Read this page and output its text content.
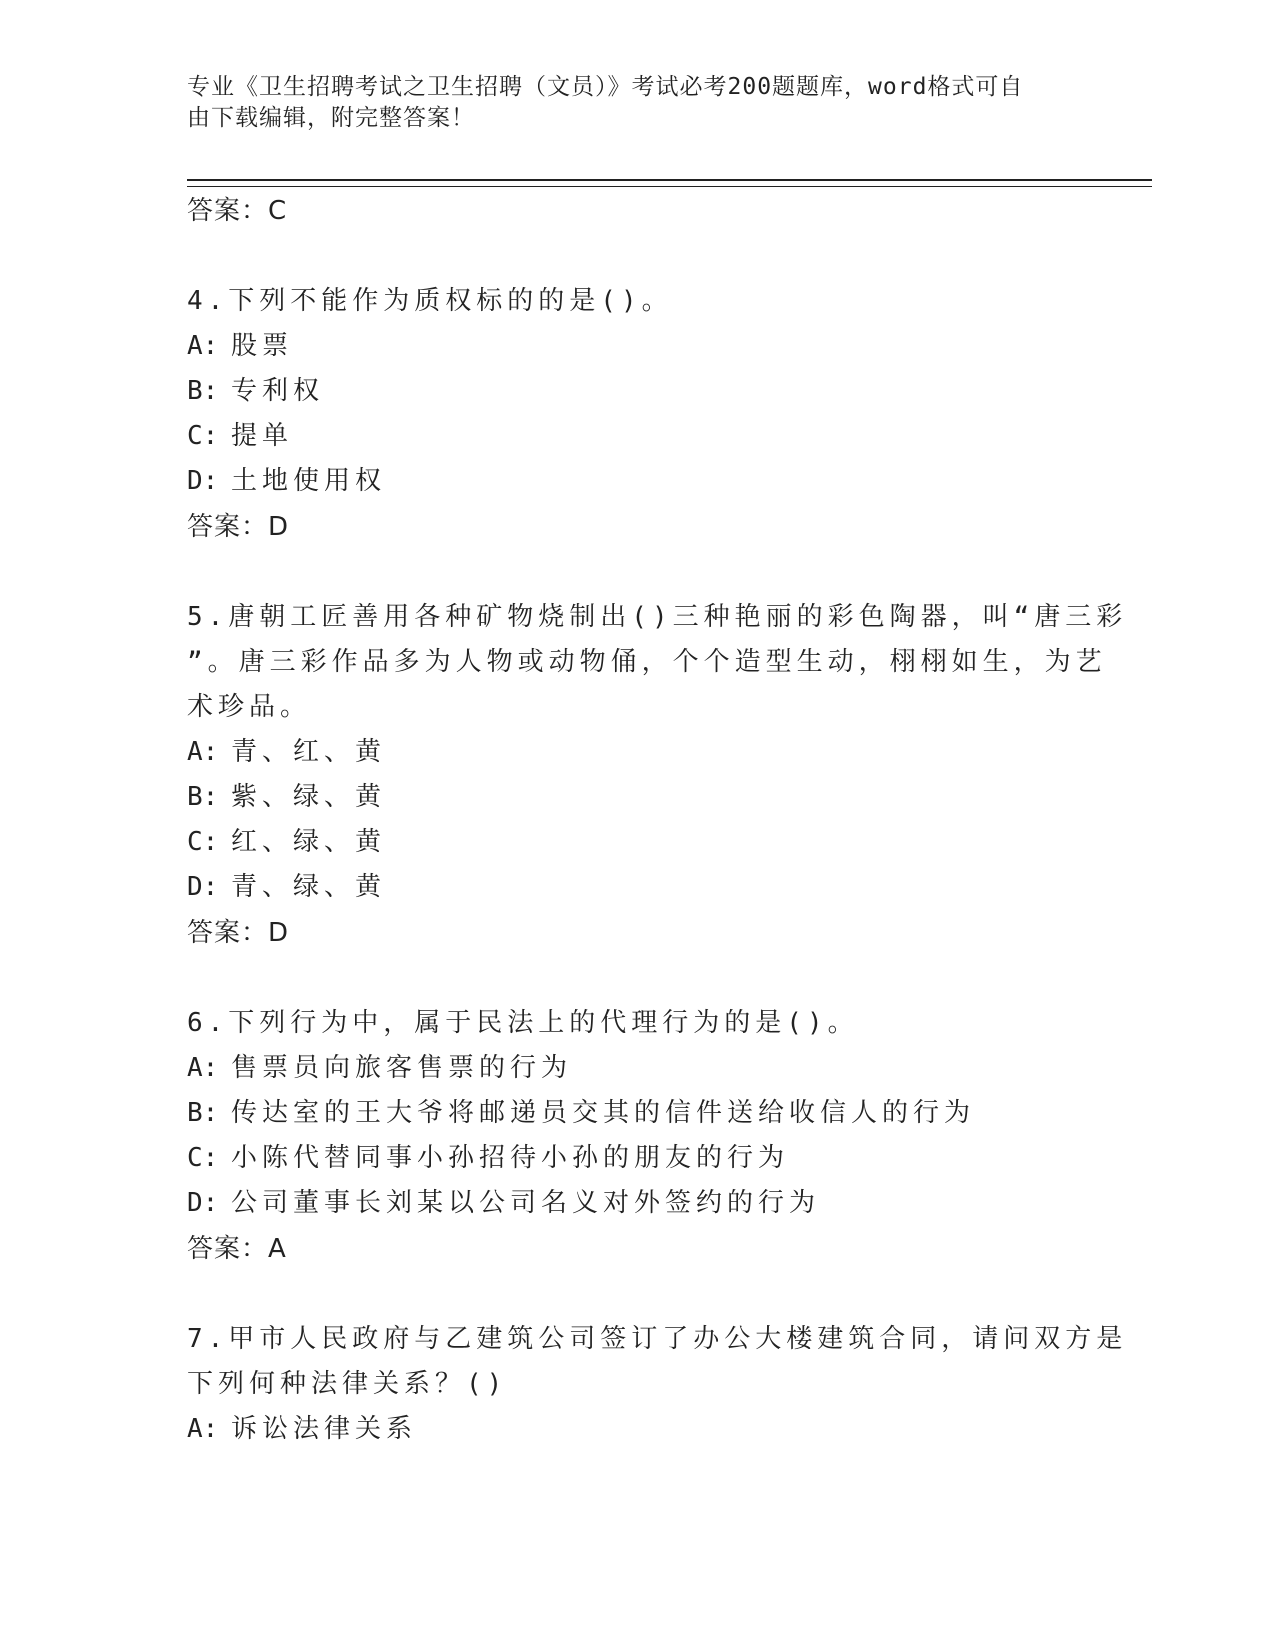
专业《卫生招聘考试之卫生招聘（文员）》考试必考200题题库，word格式可自
由下载编辑，附完整答案！
答案：C
4.下列不能作为质权标的的是()。
A: 股票
B: 专利权
C: 提单
D: 土地使用权
答案：D
5.唐朝工匠善用各种矿物烧制出()三种艳丽的彩色陶器，叫“唐三彩
”。唐三彩作品多为人物或动物俑，个个造型生动，栩栩如生，为艺
术珍品。
A: 青、红、黄
B: 紫、绿、黄
C: 红、绿、黄
D: 青、绿、黄
答案：D
6.下列行为中，属于民法上的代理行为的是()。
A: 售票员向旅客售票的行为
B: 传达室的王大爷将邮递员交其的信件送给收信人的行为
C: 小陈代替同事小孙招待小孙的朋友的行为
D: 公司董事长刘某以公司名义对外签约的行为
答案：A
7.甲市人民政府与乙建筑公司签订了办公大楼建筑合同，请问双方是
下列何种法律关系？()
A: 诉讼法律关系
